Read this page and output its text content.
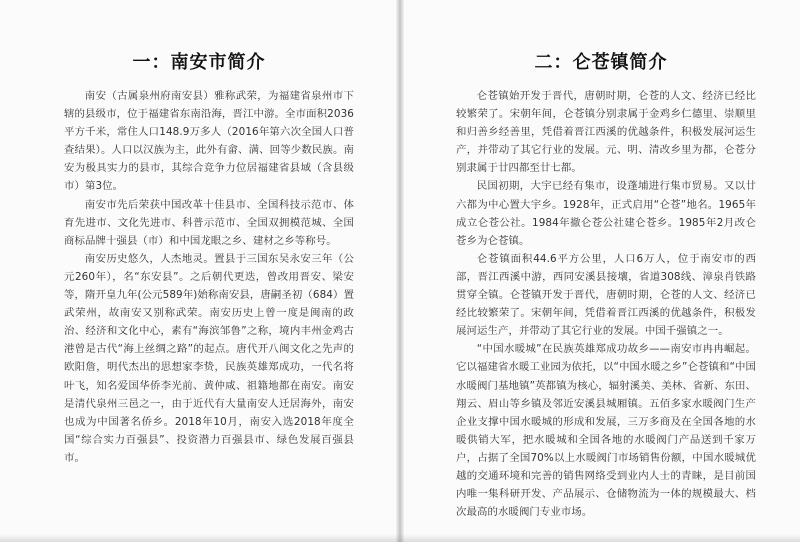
一：南安市简介

南安（古属泉州府南安县）雅称武荣，为福建省泉州市下辖的县级市，位于福建省东南沿海，晋江中游。全市面积2036平方千米，常住人口148.9万多人（2016年第六次全国人口普查结果）。人口以汉族为主，此外有畲、满、回等少数民族。南安为极具实力的县市，其综合竞争力位居福建省县域（含县级市）第3位。

南安市先后荣获中国改革十佳县市、全国科技示范市、体育先进市、文化先进市、科普示范市、全国双拥模范城、全国商标品牌十强县（市）和中国龙眼之乡、建材之乡等称号。

南安历史悠久，人杰地灵。置县于三国东吴永安三年（公元260年），名“东安县”。之后朝代更迭，曾改用晋安、梁安等，隋开皇九年(公元589年)始称南安县，唐嗣圣初（684）置武荣州，故南安又别称武荣。南安历史上曾一度是闽南的政治、经济和文化中心，素有“海滨邹鲁”之称，境内丰州金鸡古港曾是古代“海上丝绸之路”的起点。唐代开八闽文化之先声的欧阳詹，明代杰出的思想家李贽，民族英雄郑成功，一代名将叶飞，知名爱国华侨李光前、黄仲咸、祖籍地都在南安。南安是清代泉州三邑之一，由于近代有大量南安人迁居海外，南安也成为中国著名侨乡。2018年10月，南安入选2018年度全国“综合实力百强县”、投资潜力百强县市、绿色发展百强县市。

二：仑苍镇简介

仑苍镇始开发于晋代，唐朝时期，仑苍的人文、经济已经比较繁荣了。宋朝年间，仑苍镇分别隶属于金鸡乡仁德里、崇顺里和归善乡经善里，凭借着晋江西溪的优越条件，积极发展河运生产，并带动了其它行业的发展。元、明、清改乡里为都，仑苍分别隶属于廿四都至廿七都。

民国初期，大宇已经有集市，设蓬埔进行集市贸易。又以廿六都为中心置大宇乡。1928年，正式启用“仑苍”地名。1965年成立仑苍公社。1984年撤仑苍公社建仑苍乡。1985年2月改仑苍乡为仑苍镇。

仑苍镇面积44.6平方公里，人口6万人，位于南安市的西部，晋江西溪中游，西同安溪县接壤，省道308线、漳泉肖铁路贯穿全镇。仑苍镇开发于晋代，唐朝时期，仑苍的人文、经济已经比较繁荣了。宋朝年间，凭借着晋江西溪的优越条件，积极发展河运生产，并带动了其它行业的发展。中国千强镇之一。

“中国水暖城”在民族英雄郑成功故乡——南安市冉冉崛起。它以福建省水暖工业园为依托，以“中国水暖之乡”仑苍镇和“中国水暖阀门基地镇”英都镇为核心，辐射溪美、美林、省新、东田、翔云、眉山等乡镇及邻近安溪县城厢镇。五佰多家水暖阀门生产企业支撑中国水暖城的形成和发展，三万多商及在全国各地的水暖供销大军，把水暖城和全国各地的水暖阀门产品送到千家万户，占据了全国70%以上水暖阀门市场销售份额，中国水暖城优越的交通环境和完善的销售网络受到业内人士的青睐，是目前国内唯一集科研开发、产品展示、仓储物流为一体的规模最大、档次最高的水暖阀门专业市场。
